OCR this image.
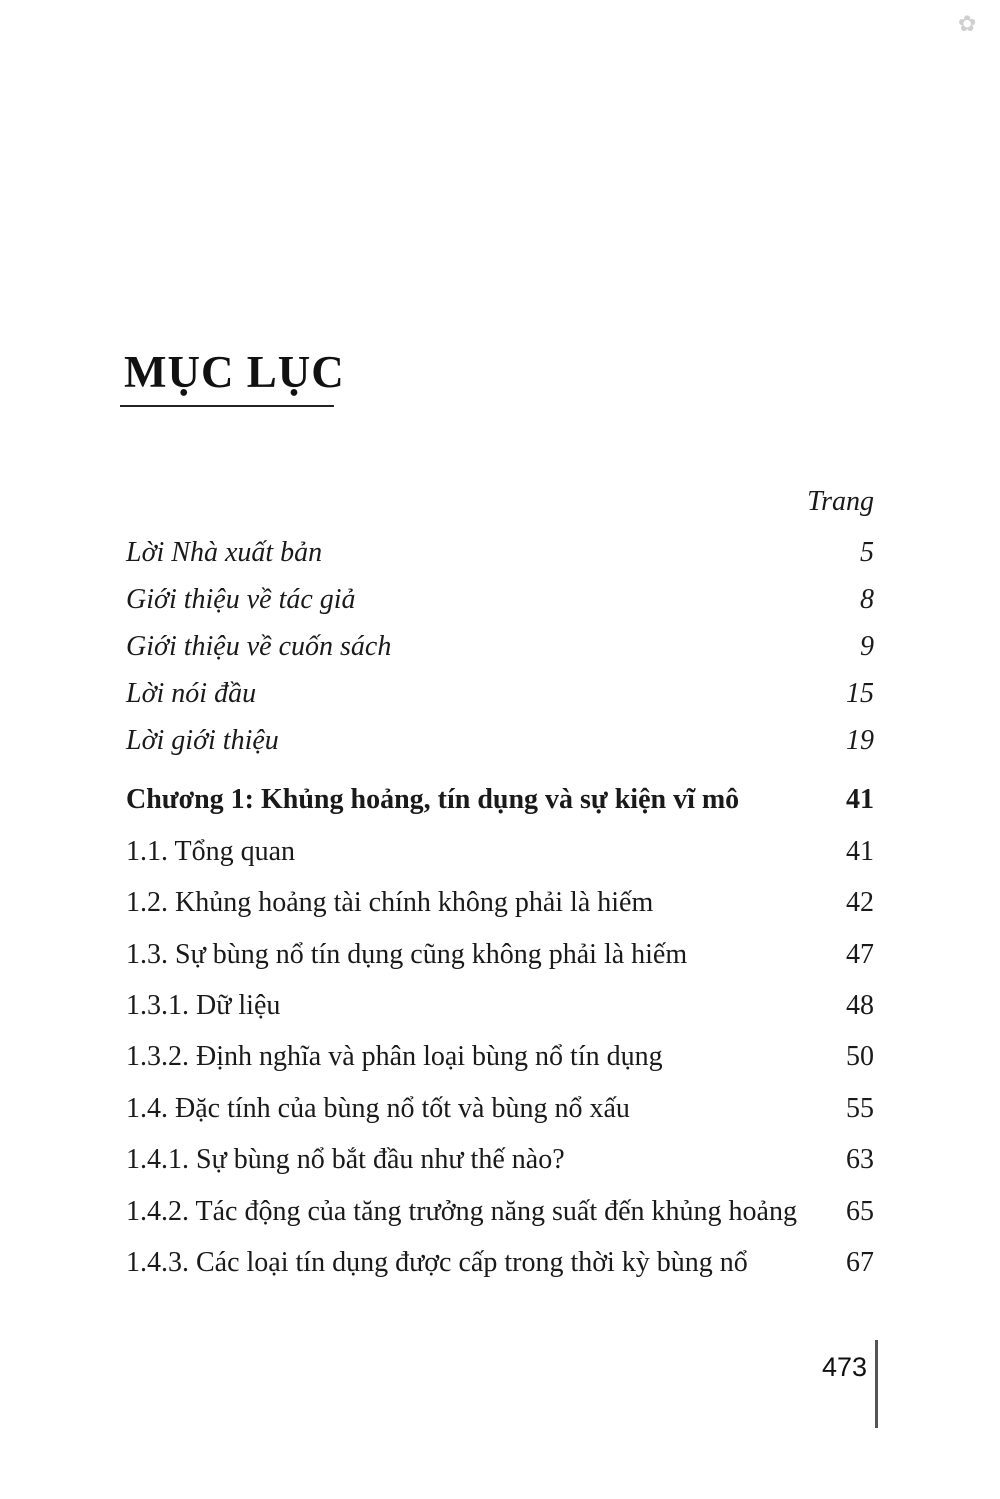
✿
MỤC LỤC
Trang
Lời Nhà xuất bản	5
Giới thiệu về tác giả	8
Giới thiệu về cuốn sách	9
Lời nói đầu	15
Lời giới thiệu	19
Chương 1: Khủng hoảng, tín dụng và sự kiện vĩ mô	41
1.1. Tổng quan	41
1.2. Khủng hoảng tài chính không phải là hiếm	42
1.3. Sự bùng nổ tín dụng cũng không phải là hiếm	47
1.3.1. Dữ liệu	48
1.3.2. Định nghĩa và phân loại bùng nổ tín dụng	50
1.4. Đặc tính của bùng nổ tốt và bùng nổ xấu	55
1.4.1. Sự bùng nổ bắt đầu như thế nào?	63
1.4.2. Tác động của tăng trưởng năng suất đến khủng hoảng 65
1.4.3. Các loại tín dụng được cấp trong thời kỳ bùng nổ	67
473
